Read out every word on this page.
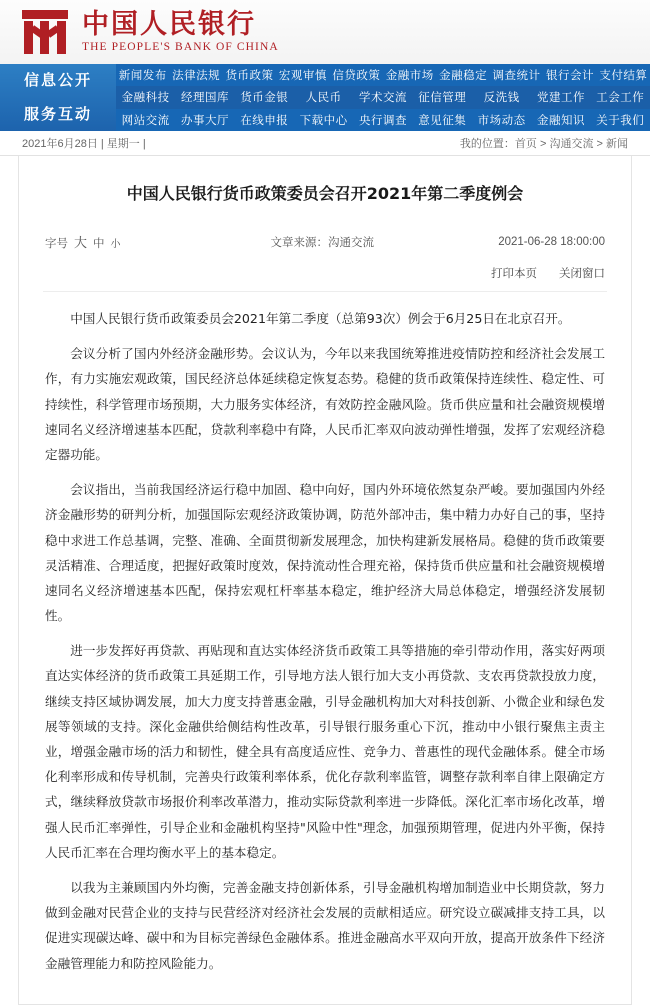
中国人民银行
THE PEOPLE'S BANK OF CHINA
信息公开
服务互动
新闻发布 法律法规 货币政策 宏观审慎 信贷政策 金融市场 金融稳定 调查统计 银行会计 支付结算
金融科技 经理国库 货币金银	人民币	学术交流 征信管理	反洗钱	党建工作 工会工作
网站交流 办事大厅 在线申报 下载中心 央行调查 意见征集 市场动态 金融知识 关于我们
2021年6月28日 | 星期一 |	我的位置：首页 > 沟通交流 > 新闻
中国人民银行货币政策委员会召开2021年第二季度例会
字号 大 中 小	文章来源：沟通交流	2021-06-28 18:00:00
打印本页 关闭窗口

中国人民银行货币政策委员会2021年第二季度（总第93次）例会于6月25日在北京召开。

会议分析了国内外经济金融形势。会议认为，今年以来我国统筹推进疫情防控和经济社会发展工作，有力实施宏观政策，国民经济总体延续稳定恢复态势。稳健的货币政策保持连续性、稳定性、可持续性，科学管理市场预期，大力服务实体经济，有效防控金融风险。货币供应量和社会融资规模增速同名义经济增速基本匹配，贷款利率稳中有降，人民币汇率双向波动弹性增强，发挥了宏观经济稳定器功能。

会议指出，当前我国经济运行稳中加固、稳中向好，国内外环境依然复杂严峻。要加强国内外经济金融形势的研判分析，加强国际宏观经济政策协调，防范外部冲击，集中精力办好自己的事，坚持稳中求进工作总基调，完整、准确、全面贯彻新发展理念，加快构建新发展格局。稳健的货币政策要灵活精准、合理适度，把握好政策时度效，保持流动性合理充裕，保持货币供应量和社会融资规模增速同名义经济增速基本匹配，保持宏观杠杆率基本稳定，维护经济大局总体稳定，增强经济发展韧性。

进一步发挥好再贷款、再贴现和直达实体经济货币政策工具等措施的牵引带动作用，落实好两项直达实体经济的货币政策工具延期工作，引导地方法人银行加大支小再贷款、支农再贷款投放力度，继续支持区域协调发展，加大力度支持普惠金融，引导金融机构加大对科技创新、小微企业和绿色发展等领域的支持。深化金融供给侧结构性改革，引导银行服务重心下沉，推动中小银行聚焦主责主业，增强金融市场的活力和韧性，健全具有高度适应性、竞争力、普惠性的现代金融体系。健全市场化利率形成和传导机制，完善央行政策利率体系，优化存款利率监管，调整存款利率自律上限确定方式，继续释放贷款市场报价利率改革潜力，推动实际贷款利率进一步降低。深化汇率市场化改革，增强人民币汇率弹性，引导企业和金融机构坚持"风险中性"理念，加强预期管理，促进内外平衡，保持人民币汇率在合理均衡水平上的基本稳定。

以我为主兼顾国内外均衡，完善金融支持创新体系，引导金融机构增加制造业中长期贷款，努力做到金融对民营企业的支持与民营经济对经济社会发展的贡献相适应。研究设立碳减排支持工具，以促进实现碳达峰、碳中和为目标完善绿色金融体系。推进金融高水平双向开放，提高开放条件下经济金融管理能力和防控风险能力。
